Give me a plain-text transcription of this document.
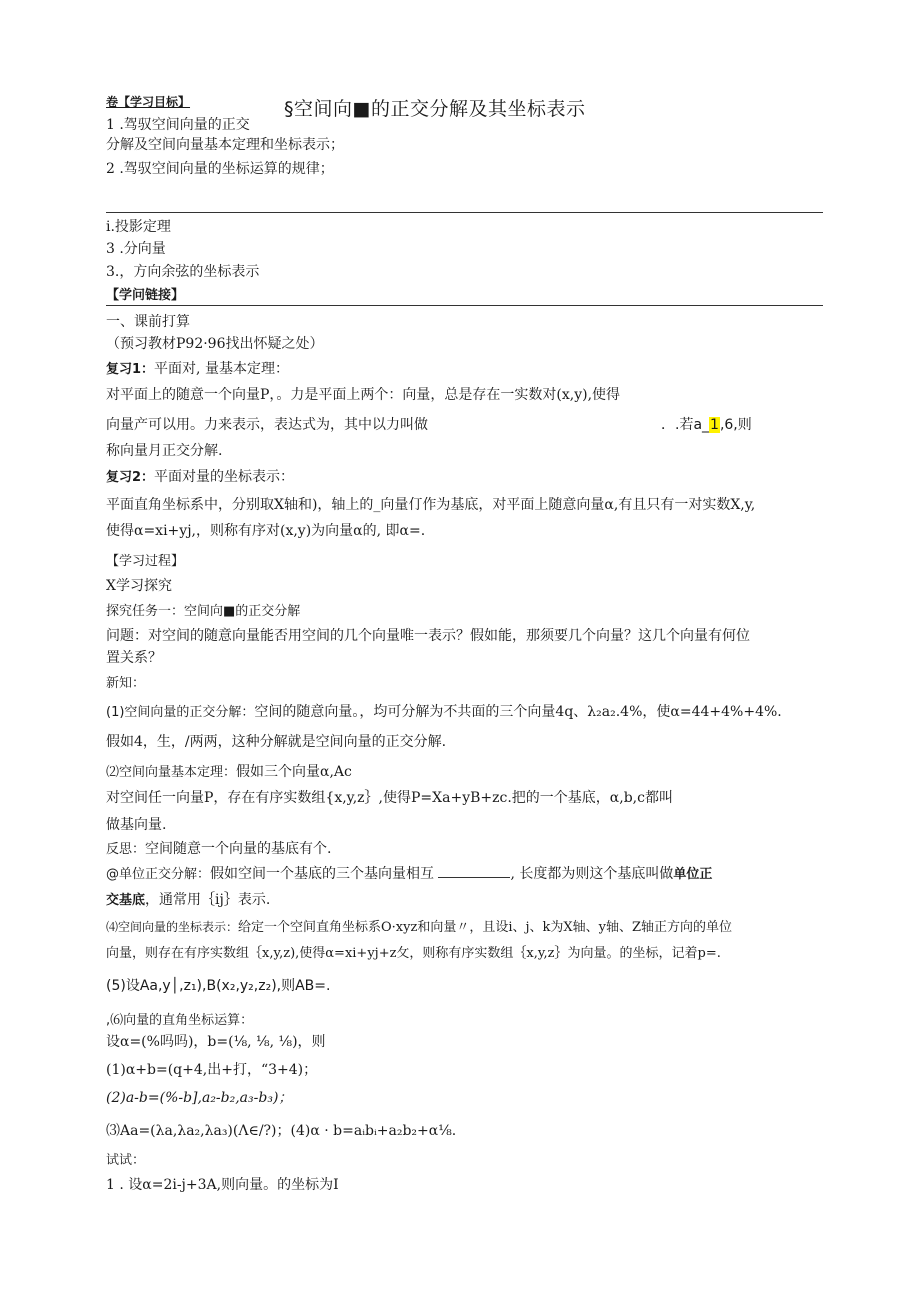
卷【学习目标】	§空间向■的正交分解及其坐标表示
1 .驾驭空间向量的正交
分解及空间向量基本定理和坐标表示；
2 .驾驭空间向量的坐标运算的规律；
i.投影定理
3 .分向量
3.，方向余弦的坐标表示
【学问链接】
一、课前打算
（预习教材P92·96找出怀疑之处）
复习1：平面对, 量基本定理：
对平面上的随意一个向量P，。力是平面上两个：向量，总是存在一实数对(x,y),使得
向量产可以用。力来表示，表达式为，其中以力叫做	．.若a_1,6,则
称向量月正交分解.
复习2：平面对量的坐标表示：
平面直角坐标系中，分别取X轴和)，轴上的_向量仃作为基底，对平面上随意向量α,有且只有一对实数X,y,
使得α=xi+yj,，则称有序对(x,y)为向量α的, 即α=.
【学习过程】
X学习探究
探究任务一：空间向■的正交分解
问题：对空间的随意向量能否用空间的几个向量唯一表示？假如能，那须要几个向量？这几个向量有何位
置关系？
新知：
(1)空间向量的正交分解：空间的随意向量。，均可分解为不共面的三个向量4q、λ₂a₂.4%，使α=44+4%+4%.
假如4，生，/两两，这种分解就是空间向量的正交分解.
⑵空间向量基本定理：假如三个向量α,Ac
对空间任一向量P，存在有序实数组{x,y,z｝,使得P=Xa+yB+zc.把的一个基底，α,b,c都叫
做基向量.
反思：空间随意一个向量的基底有个.
@单位正交分解：假如空间一个基底的三个基向量相互	, 长度都为则这个基底叫做单位正
交基底，通常用｛ij｝表示.
⑷空间向量的坐标表示：给定一个空间直角坐标系O·xyz和向量〃，且设i、j、k为X轴、y轴、Z轴正方向的单位
向量，则存在有序实数组｛x,y,z),使得α=xi+yj+z攵，则称有序实数组｛x,y,z｝为向量。的坐标，记着p=.
(5)设Aa,y│,z₁),B(x₂,y₂,z₂),则AB=.
,⑹向量的直角坐标运算：
设α=(%吗吗)，b=(⅛, ⅛, ⅛)，则
(1)α+b=(q+4,出+打，“3+4)；
(2)a-b=(%-b],a₂-b₂,a₃-b₃)；
⑶Aa=(λa,λa₂,λa₃)(Λ∈/?)；(4)α · b=aᵢbᵢ+a₂b₂+α⅛.
试试：
1 . 设α=2i-j+3A,则向量。的坐标为I
